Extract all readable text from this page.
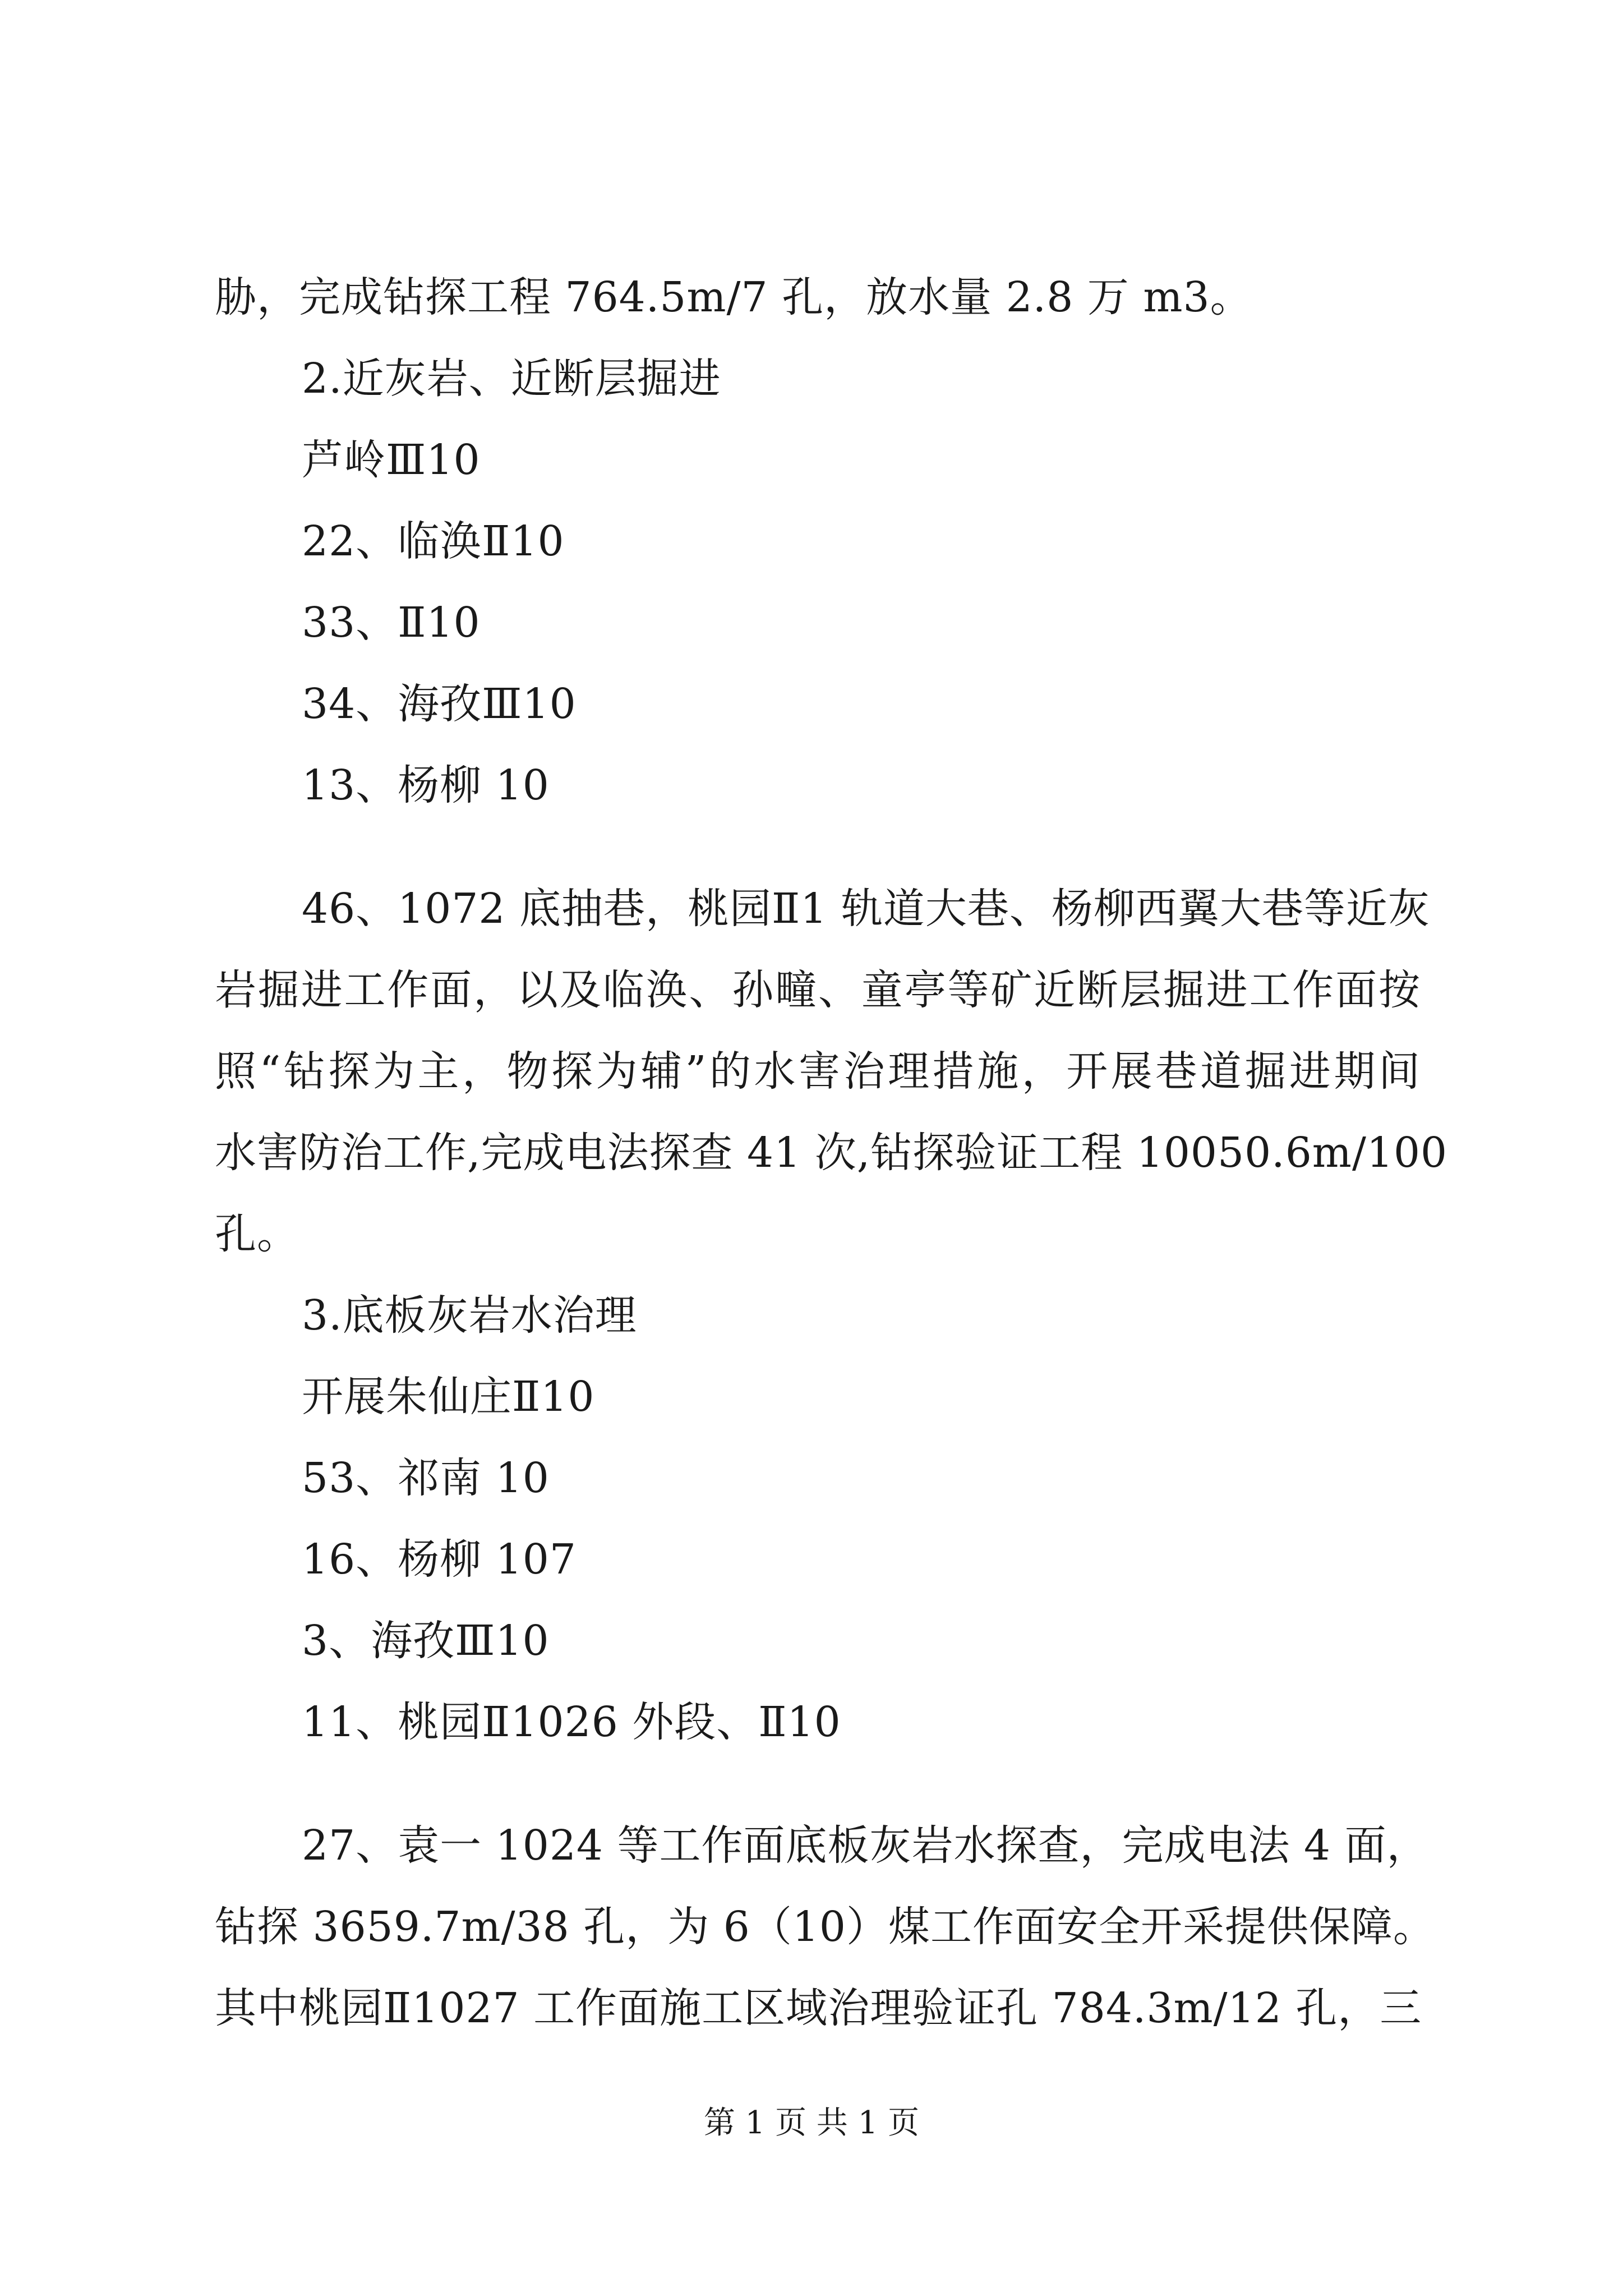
胁，完成钻探工程 764.5m/7 孔，放水量 2.8 万 m3。
2.近灰岩、近断层掘进
芦岭Ⅲ10
22、临涣Ⅱ10
33、Ⅱ10
34、海孜Ⅲ10
13、杨柳 10
46、1072 底抽巷，桃园Ⅱ1 轨道大巷、杨柳西翼大巷等近灰
岩掘进工作面，以及临涣、孙疃、童亭等矿近断层掘进工作面按
照“钻探为主，物探为辅”的水害治理措施，开展巷道掘进期间
水害防治工作,完成电法探查 41 次,钻探验证工程 10050.6m/100
孔。
3.底板灰岩水治理
开展朱仙庄Ⅱ10
53、祁南 10
16、杨柳 107
3、海孜Ⅲ10
11、桃园Ⅱ1026 外段、Ⅱ10
27、袁一 1024 等工作面底板灰岩水探查，完成电法 4 面，
钻探 3659.7m/38 孔，为 6（10）煤工作面安全开采提供保障。
其中桃园Ⅱ1027 工作面施工区域治理验证孔 784.3m/12 孔，三
第 1 页 共 1 页
